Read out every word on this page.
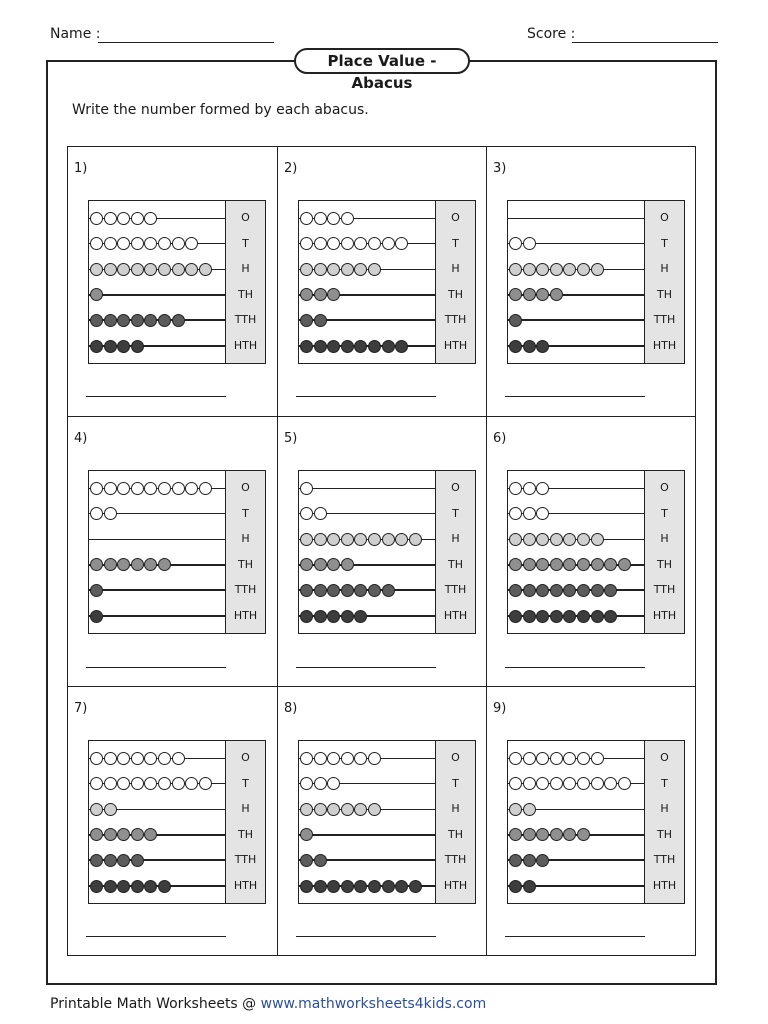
Name :	Score :
Place Value - Abacus
Write the number formed by each abacus.
1)
O
T
H
TH
TTH
HTH
2)
O
T
H
TH
TTH
HTH
3)
O
T
H
TH
TTH
HTH
4)
O
T
H
TH
TTH
HTH
5)
O
T
H
TH
TTH
HTH
6)
O
T
H
TH
TTH
HTH
7)
O
T
H
TH
TTH
HTH
8)
O
T
H
TH
TTH
HTH
9)
O
T
H
TH
TTH
HTH
Printable Math Worksheets @ www.mathworksheets4kids.com
